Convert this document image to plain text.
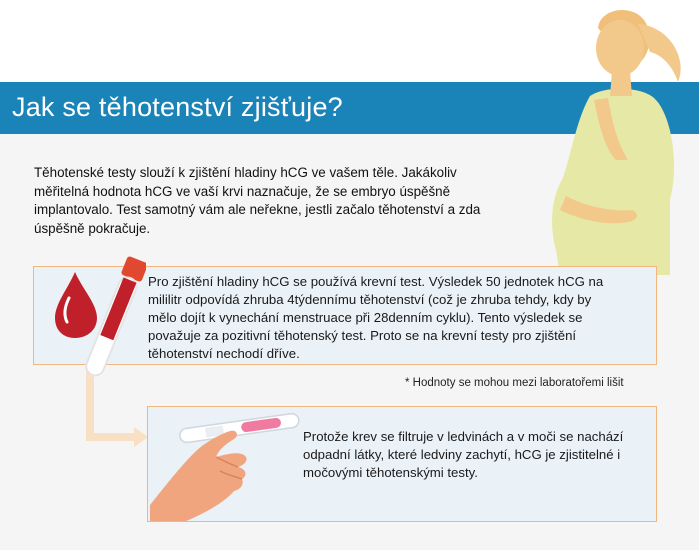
Jak se těhotenství zjišťuje?
Těhotenské testy slouží k zjištění hladiny hCG ve vašem těle. Jakákoliv
měřitelná hodnota hCG ve vaší krvi naznačuje, že se embryo úspěšně
implantovalo. Test samotný vám ale neřekne, jestli začalo těhotenství a zda
úspěšně pokračuje.
Pro zjištění hladiny hCG se používá krevní test. Výsledek 50 jednotek hCG na
mililitr odpovídá zhruba 4týdennímu těhotenství (což je zhruba tehdy, kdy by
mělo dojít k vynechání menstruace při 28denním cyklu). Tento výsledek se
považuje za pozitivní těhotenský test. Proto se na krevní testy pro zjištění
těhotenství nechodí dříve.
* Hodnoty se mohou mezi laboratořemi lišit
Protože krev se filtruje v ledvinách a v moči se nachází
odpadní látky, které ledviny zachytí, hCG je zjistitelné i
močovými těhotenskými testy.
